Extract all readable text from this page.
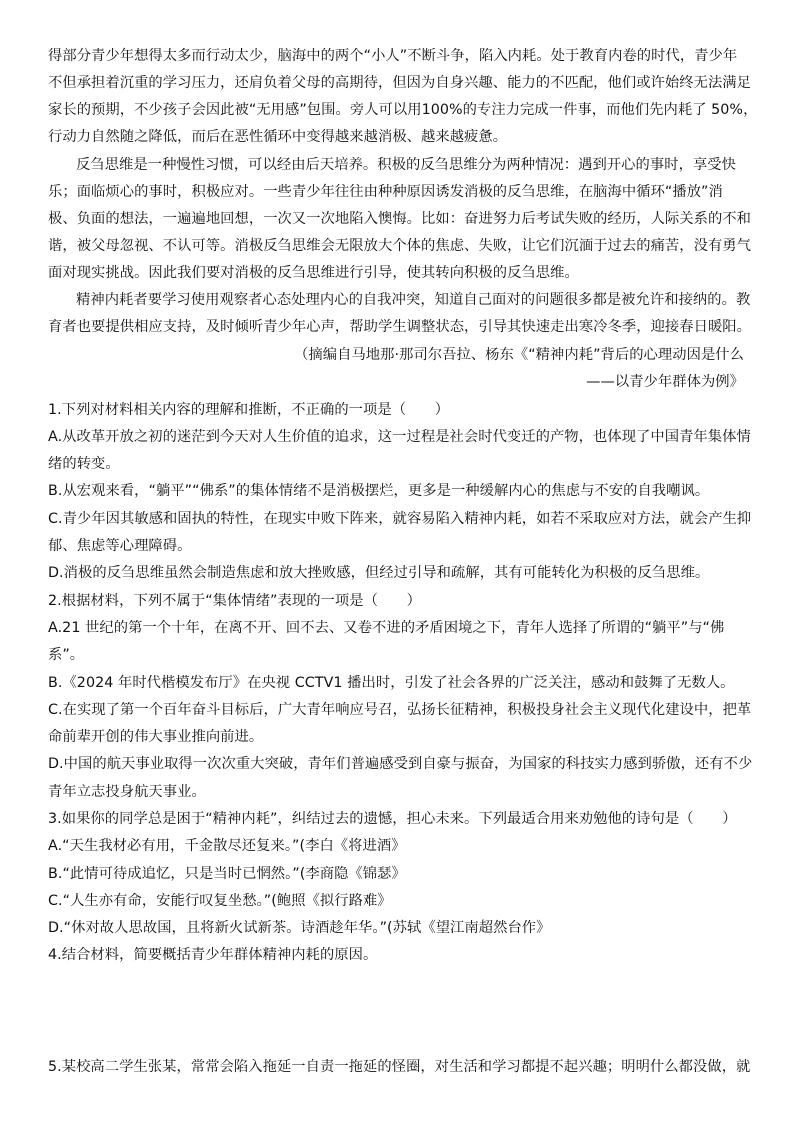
得部分青少年想得太多而行动太少，脑海中的两个“小人”不断斗争，陷入内耗。处于教育内卷的时代，青少年
不但承担着沉重的学习压力，还肩负着父母的高期待，但因为自身兴趣、能力的不匹配，他们或许始终无法满足
家长的预期，不少孩子会因此被“无用感”包围。旁人可以用100%的专注力完成一件事，而他们先内耗了 50%，
行动力自然随之降低，而后在恶性循环中变得越来越消极、越来越疲惫。
反刍思维是一种慢性习惯，可以经由后天培养。积极的反刍思维分为两种情况：遇到开心的事时，享受快
乐；面临烦心的事时，积极应对。一些青少年往往由种种原因诱发消极的反刍思维，在脑海中循环“播放”消
极、负面的想法，一遍遍地回想，一次又一次地陷入懊悔。比如：奋进努力后考试失败的经历，人际关系的不和
谐，被父母忽视、不认可等。消极反刍思维会无限放大个体的焦虑、失败，让它们沉湎于过去的痛苦，没有勇气
面对现实挑战。因此我们要对消极的反刍思维进行引导，使其转向积极的反刍思维。
精神内耗者要学习使用观察者心态处理内心的自我冲突，知道自己面对的问题很多都是被允许和接纳的。教
育者也要提供相应支持，及时倾听青少年心声，帮助学生调整状态，引导其快速走出寒冷冬季，迎接春日暖阳。
（摘编自马地那·那司尔吾拉、杨东《“精神内耗”背后的心理动因是什么
——以青少年群体为例》
1.下列对材料相关内容的理解和推断，不正确的一项是（　　）
A.从改革开放之初的迷茫到今天对人生价值的追求，这一过程是社会时代变迁的产物，也体现了中国青年集体情
绪的转变。
B.从宏观来看，“躺平”“佛系”的集体情绪不是消极摆烂，更多是一种缓解内心的焦虑与不安的自我嘲讽。
C.青少年因其敏感和固执的特性，在现实中败下阵来，就容易陷入精神内耗，如若不采取应对方法，就会产生抑
郁、焦虑等心理障碍。
D.消极的反刍思维虽然会制造焦虑和放大挫败感，但经过引导和疏解，其有可能转化为积极的反刍思维。
2.根据材料，下列不属于“集体情绪”表现的一项是（　　）
A.21 世纪的第一个十年，在离不开、回不去、又卷不进的矛盾困境之下，青年人选择了所谓的“躺平”与“佛
系”。
B.《2024 年时代楷模发布厅》在央视 CCTV1 播出时，引发了社会各界的广泛关注，感动和鼓舞了无数人。
C.在实现了第一个百年奋斗目标后，广大青年响应号召，弘扬长征精神，积极投身社会主义现代化建设中，把革
命前辈开创的伟大事业推向前进。
D.中国的航天事业取得一次次重大突破，青年们普遍感受到自豪与振奋，为国家的科技实力感到骄傲，还有不少
青年立志投身航天事业。
3.如果你的同学总是困于“精神内耗”，纠结过去的遗憾，担心未来。下列最适合用来劝勉他的诗句是（　　）
A.“天生我材必有用，千金散尽还复来。”(李白《将进酒》
B.“此情可待成追忆，只是当时已惘然。”(李商隐《锦瑟》
C.“人生亦有命，安能行叹复坐愁。”(鲍照《拟行路难》
D.“休对故人思故国，且将新火试新茶。诗酒趁年华。”(苏轼《望江南超然台作》
4.结合材料，简要概括青少年群体精神内耗的原因。
5.某校高二学生张某，常常会陷入拖延一自责一拖延的怪圈，对生活和学习都提不起兴趣；明明什么都没做，就
